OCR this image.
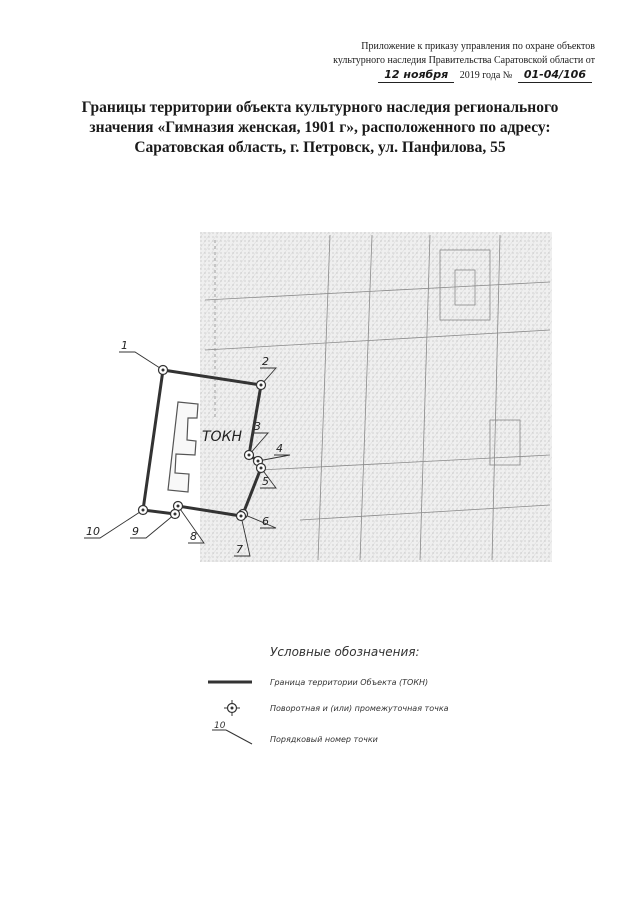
Приложение к приказу управления по охране объектов
культурного наследия Правительства Саратовской области от
12 ноября 2019 года № 01-04/106
Границы территории объекта культурного наследия регионального
значения «Гимназия женская, 1901 г», расположенного по адресу:
Саратовская область, г. Петровск, ул. Панфилова, 55
ТОКН
1
2
3
4
5
6
7
8
9
10
Условные обозначения:
Граница территории Объекта (ТОКН)
Поворотная и (или) промежуточная точка
10
Порядковый номер точки
